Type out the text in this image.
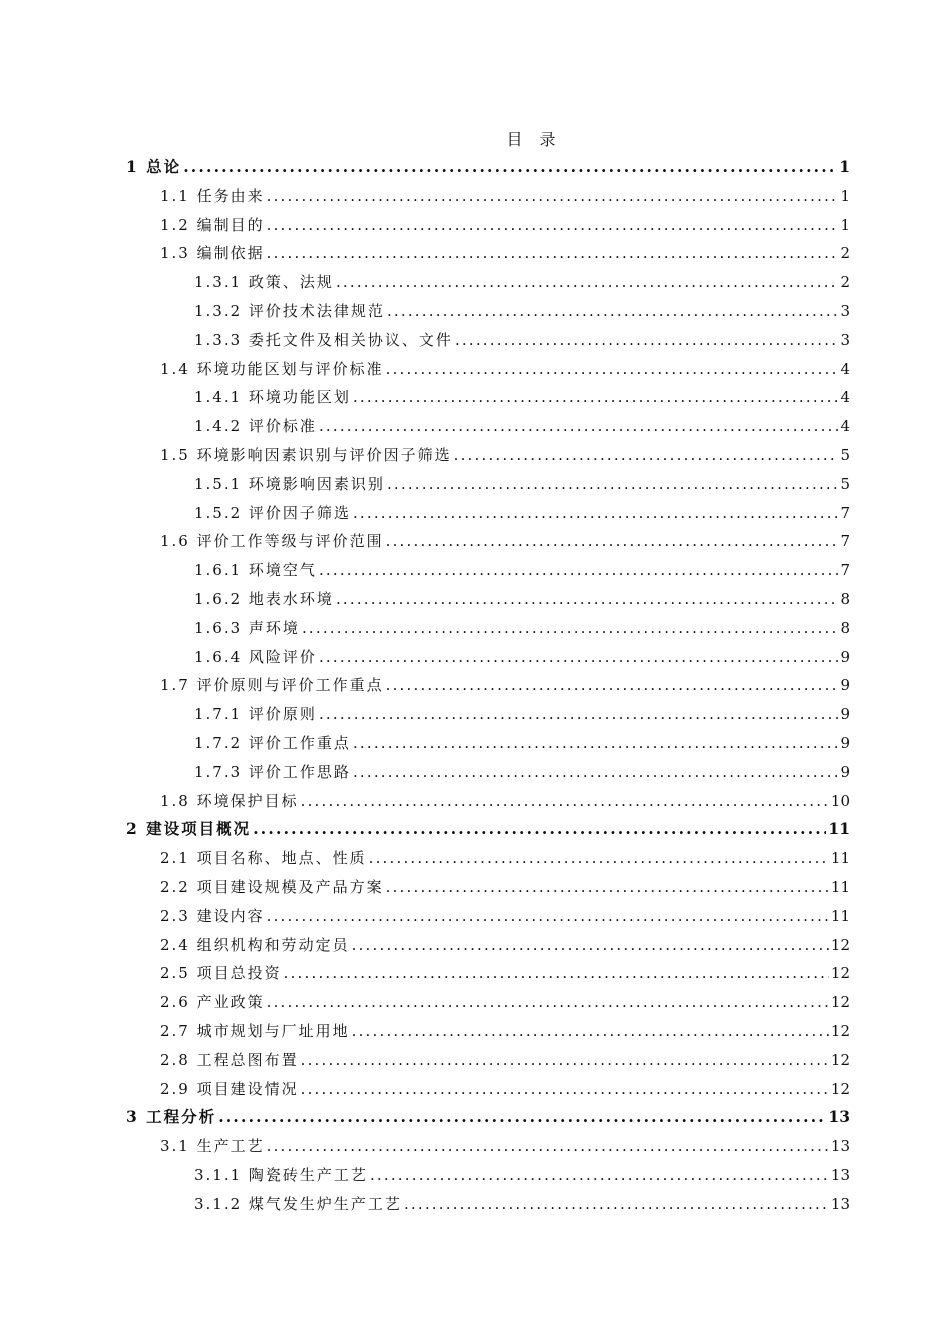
目 录
1 总论 .....	1
1.1 任务由来 .....	1
1.2 编制目的 .....	1
1.3 编制依据 .....	2
1.3.1 政策、法规 .....	2
1.3.2 评价技术法律规范 .....	3
1.3.3 委托文件及相关协议、文件 .....	3
1.4 环境功能区划与评价标准 .....	4
1.4.1 环境功能区划 .....	4
1.4.2 评价标准 .....	4
1.5 环境影响因素识别与评价因子筛选 .....	5
1.5.1 环境影响因素识别 .....	5
1.5.2 评价因子筛选 .....	7
1.6 评价工作等级与评价范围 .....	7
1.6.1 环境空气 .....	7
1.6.2 地表水环境 .....	8
1.6.3 声环境 .....	8
1.6.4 风险评价 .....	9
1.7 评价原则与评价工作重点 .....	9
1.7.1 评价原则 .....	9
1.7.2 评价工作重点 .....	9
1.7.3 评价工作思路 .....	9
1.8 环境保护目标 .....	10
2 建设项目概况 .....	11
2.1 项目名称、地点、性质 .....	11
2.2 项目建设规模及产品方案 .....	11
2.3 建设内容 .....	11
2.4 组织机构和劳动定员 .....	12
2.5 项目总投资 .....	12
2.6 产业政策 .....	12
2.7 城市规划与厂址用地 .....	12
2.8 工程总图布置 .....	12
2.9 项目建设情况 .....	12
3 工程分析 .....	13
3.1 生产工艺 .....	13
3.1.1 陶瓷砖生产工艺 .....	13
3.1.2 煤气发生炉生产工艺 .....	13
